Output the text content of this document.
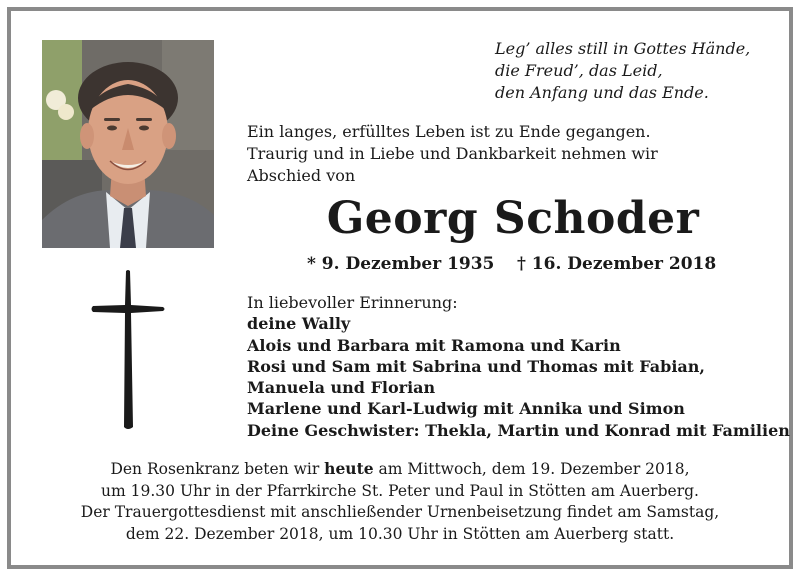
Leg’ alles still in Gottes Hände,
die Freud’, das Leid,
den Anfang und das Ende.
Ein langes, erfülltes Leben ist zu Ende gegangen.
Traurig und in Liebe und Dankbarkeit nehmen wir
Abschied von
Georg Schoder
* 9. Dezember 1935 † 16. Dezember 2018
In liebevoller Erinnerung:
deine Wally
Alois und Barbara mit Ramona und Karin
Rosi und Sam mit Sabrina und Thomas mit Fabian,
Manuela und Florian
Marlene und Karl-Ludwig mit Annika und Simon
Deine Geschwister: Thekla, Martin und Konrad mit Familien
Den Rosenkranz beten wir heute am Mittwoch, dem 19. Dezember 2018,
um 19.30 Uhr in der Pfarrkirche St. Peter und Paul in Stötten am Auerberg.
Der Trauergottesdienst mit anschließender Urnenbeisetzung findet am Samstag,
dem 22. Dezember 2018, um 10.30 Uhr in Stötten am Auerberg statt.
